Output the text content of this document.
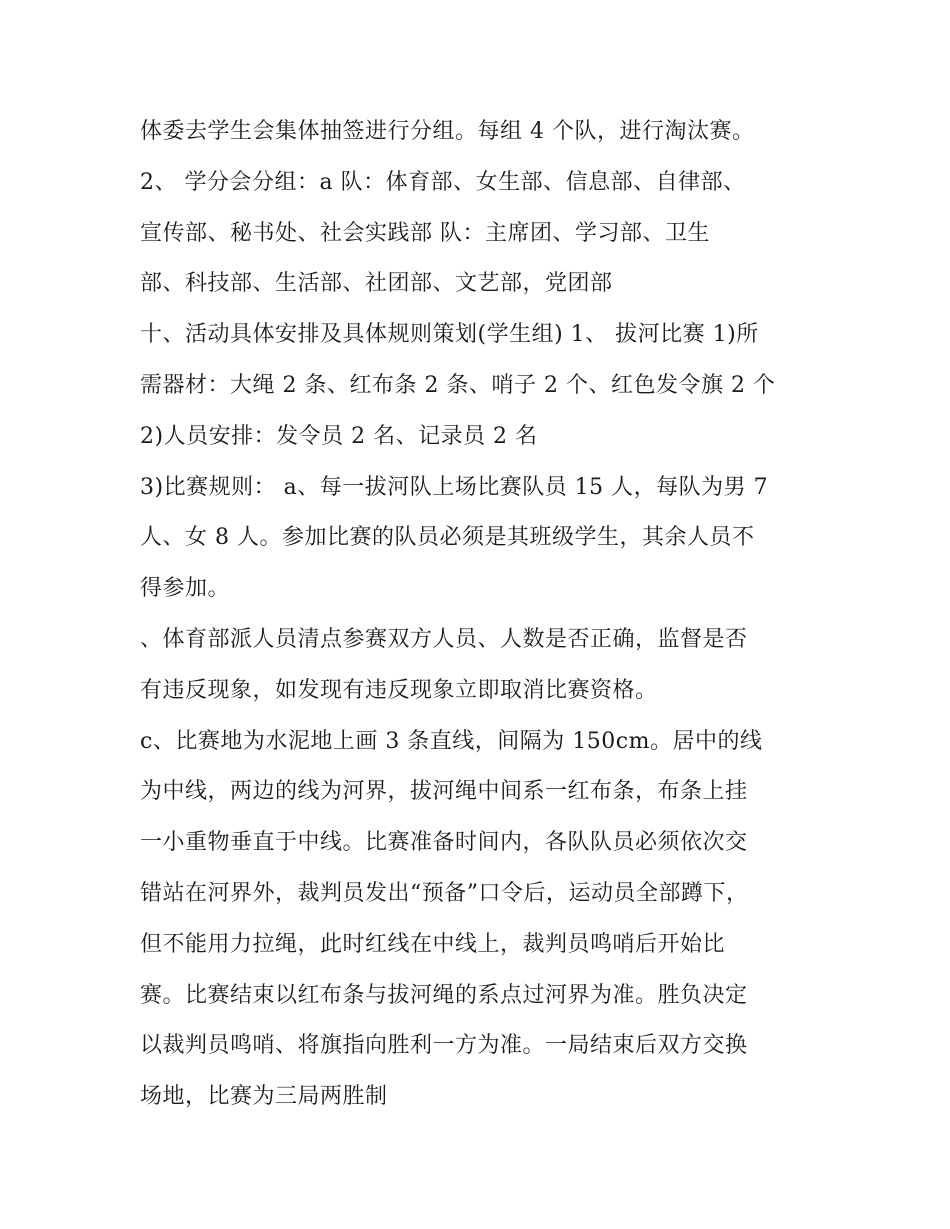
体委去学生会集体抽签进行分组。每组 4 个队，进行淘汰赛。
2、 学分会分组：a 队：体育部、女生部、信息部、自律部、
宣传部、秘书处、社会实践部 队：主席团、学习部、卫生
部、科技部、生活部、社团部、文艺部，党团部
十、活动具体安排及具体规则策划(学生组) 1、 拔河比赛 1)所
需器材：大绳 2 条、红布条 2 条、哨子 2 个、红色发令旗 2 个
2)人员安排：发令员 2 名、记录员 2 名
3)比赛规则： a、每一拔河队上场比赛队员 15 人，每队为男 7
人、女 8 人。参加比赛的队员必须是其班级学生，其余人员不
得参加。
、体育部派人员清点参赛双方人员、人数是否正确，监督是否
有违反现象，如发现有违反现象立即取消比赛资格。
c、比赛地为水泥地上画 3 条直线，间隔为 150cm。居中的线
为中线，两边的线为河界，拔河绳中间系一红布条，布条上挂
一小重物垂直于中线。比赛准备时间内，各队队员必须依次交
错站在河界外，裁判员发出“预备”口令后，运动员全部蹲下，
但不能用力拉绳，此时红线在中线上，裁判员鸣哨后开始比
赛。比赛结束以红布条与拔河绳的系点过河界为准。胜负决定
以裁判员鸣哨、将旗指向胜利一方为准。一局结束后双方交换
场地，比赛为三局两胜制
